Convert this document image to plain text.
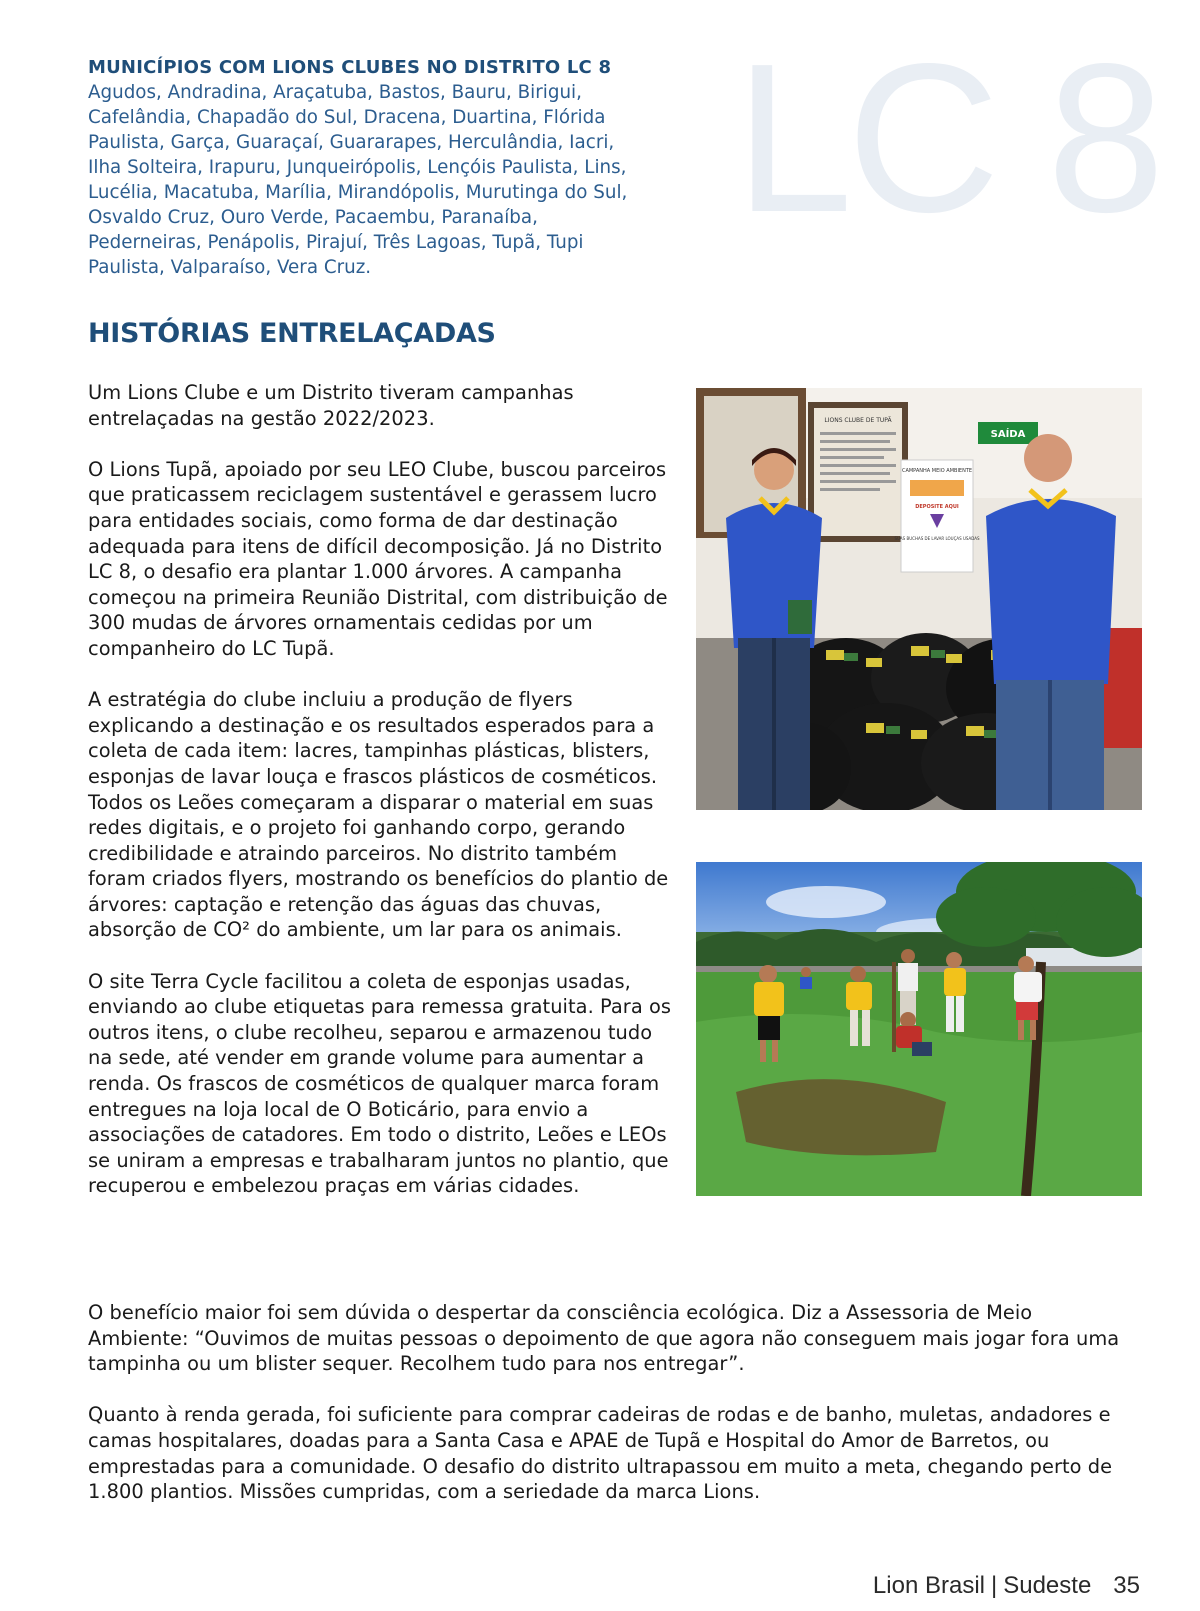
MUNICÍPIOS COM LIONS CLUBES NO DISTRITO LC 8

Agudos, Andradina, Araçatuba, Bastos, Bauru, Birigui, Cafelândia, Chapadão do Sul, Dracena, Duartina, Flórida Paulista, Garça, Guaraçaí, Guararapes, Herculândia, Iacri, Ilha Solteira, Irapuru, Junqueirópolis, Lençóis Paulista, Lins, Lucélia, Macatuba, Marília, Mirandópolis, Murutinga do Sul, Osvaldo Cruz, Ouro Verde, Pacaembu, Paranaíba, Pederneiras, Penápolis, Pirajuí, Três Lagoas, Tupã, Tupi Paulista, Valparaíso, Vera Cruz.

LC 8
HISTÓRIAS ENTRELAÇADAS

Um Lions Clube e um Distrito tiveram campanhas entrelaçadas na gestão 2022/2023.

O Lions Tupã, apoiado por seu LEO Clube, buscou parceiros que praticassem reciclagem sustentável e gerassem lucro para entidades sociais, como forma de dar destinação adequada para itens de difícil decomposição. Já no Distrito LC 8, o desafio era plantar 1.000 árvores. A campanha começou na primeira Reunião Distrital, com distribuição de 300 mudas de árvores ornamentais cedidas por um companheiro do LC Tupã.

A estratégia do clube incluiu a produção de flyers explicando a destinação e os resultados esperados para a coleta de cada item: lacres, tampinhas plásticas, blisters, esponjas de lavar louça e frascos plásticos de cosméticos. Todos os Leões começaram a disparar o material em suas redes digitais, e o projeto foi ganhando corpo, gerando credibilidade e atraindo parceiros. No distrito também foram criados flyers, mostrando os benefícios do plantio de árvores: captação e retenção das águas das chuvas, absorção de CO² do ambiente, um lar para os animais.

O site Terra Cycle facilitou a coleta de esponjas usadas, enviando ao clube etiquetas para remessa gratuita. Para os outros itens, o clube recolheu, separou e armazenou tudo na sede, até vender em grande volume para aumentar a renda. Os frascos de cosméticos de qualquer marca foram entregues na loja local de O Boticário, para envio a associações de catadores. Em todo o distrito, Leões e LEOs se uniram a empresas e trabalharam juntos no plantio, que recuperou e embelezou praças em várias cidades.

O benefício maior foi sem dúvida o despertar da consciência ecológica. Diz a Assessoria de Meio Ambiente: “Ouvimos de muitas pessoas o depoimento de que agora não conseguem mais jogar fora uma tampinha ou um blister sequer. Recolhem tudo para nos entregar”.

Quanto à renda gerada, foi suficiente para comprar cadeiras de rodas e de banho, muletas, andadores e camas hospitalares, doadas para a Santa Casa e APAE de Tupã e Hospital do Amor de Barretos, ou emprestadas para a comunidade. O desafio do distrito ultrapassou em muito a meta, chegando perto de 1.800 plantios. Missões cumpridas, com a seriedade da marca Lions.

LIONS CLUBE DE TUPÃ
SAÍDA
CAMPANHA MEIO AMBIENTE
DEPOSITE AQUI
SUAS BUCHAS DE LAVAR LOUÇAS USADAS
Lion Brasil | Sudeste 35
